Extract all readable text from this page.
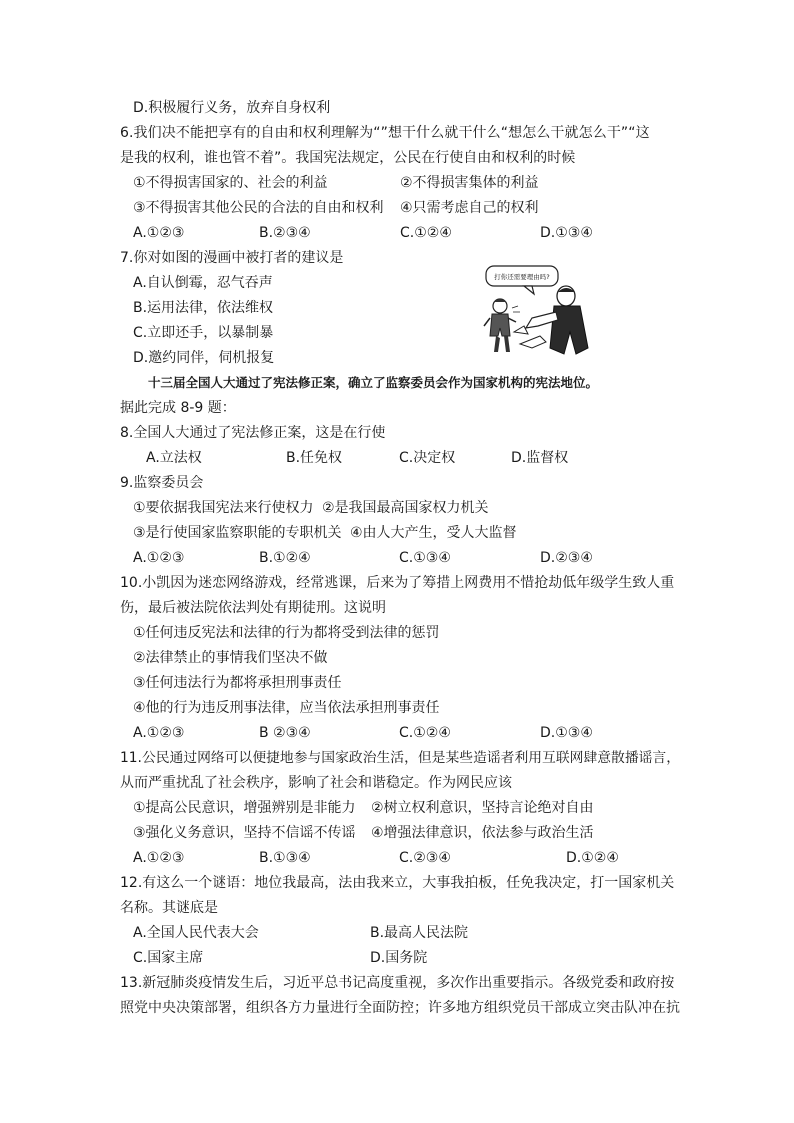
D.积极履行义务，放弃自身权利
6.我们决不能把享有的自由和权利理解为“”想干什么就干什么“想怎么干就怎么干”“这
是我的权利，谁也管不着”。我国宪法规定，公民在行使自由和权利的时候
①不得损害国家的、社会的利益	②不得损害集体的利益
③不得损害其他公民的合法的自由和权利 ④只需考虑自己的权利
A.①②③	B.②③④	C.①②④	D.①③④
7.你对如图的漫画中被打者的建议是
A.自认倒霉，忍气吞声
B.运用法律，依法维权
C.立即还手，以暴制暴
D.邀约同伴，伺机报复
打你还需要理由吗?
十三届全国人大通过了宪法修正案，确立了监察委员会作为国家机构的宪法地位。
据此完成 8-9 题：
8.全国人大通过了宪法修正案，这是在行使
A.立法权	B.任免权	C.决定权	D.监督权
9.监察委员会
①要依据我国宪法来行使权力 ②是我国最高国家权力机关
③是行使国家监察职能的专职机关 ④由人大产生，受人大监督
A.①②③	B.①②④	C.①③④	D.②③④
10.小凯因为迷恋网络游戏，经常逃课，后来为了筹措上网费用不惜抢劫低年级学生致人重
伤，最后被法院依法判处有期徒刑。这说明
①任何违反宪法和法律的行为都将受到法律的惩罚
②法律禁止的事情我们坚决不做
③任何违法行为都将承担刑事责任
④他的行为违反刑事法律，应当依法承担刑事责任
A.①②③	B ②③④	C.①②④	D.①③④
11.公民通过网络可以便捷地参与国家政治生活，但是某些造谣者利用互联网肆意散播谣言，
从而严重扰乱了社会秩序，影响了社会和谐稳定。作为网民应该
①提高公民意识，增强辨别是非能力 ②树立权利意识，坚持言论绝对自由
③强化义务意识，坚持不信谣不传谣 ④增强法律意识，依法参与政治生活
A.①②③	B.①③④	C.②③④	D.①②④
12.有这么一个谜语：地位我最高，法由我来立，大事我拍板，任免我决定，打一国家机关
名称。其谜底是
A.全国人民代表大会	B.最高人民法院
C.国家主席	D.国务院
13.新冠肺炎疫情发生后，习近平总书记高度重视，多次作出重要指示。各级党委和政府按
照党中央决策部署，组织各方力量进行全面防控；许多地方组织党员干部成立突击队冲在抗
